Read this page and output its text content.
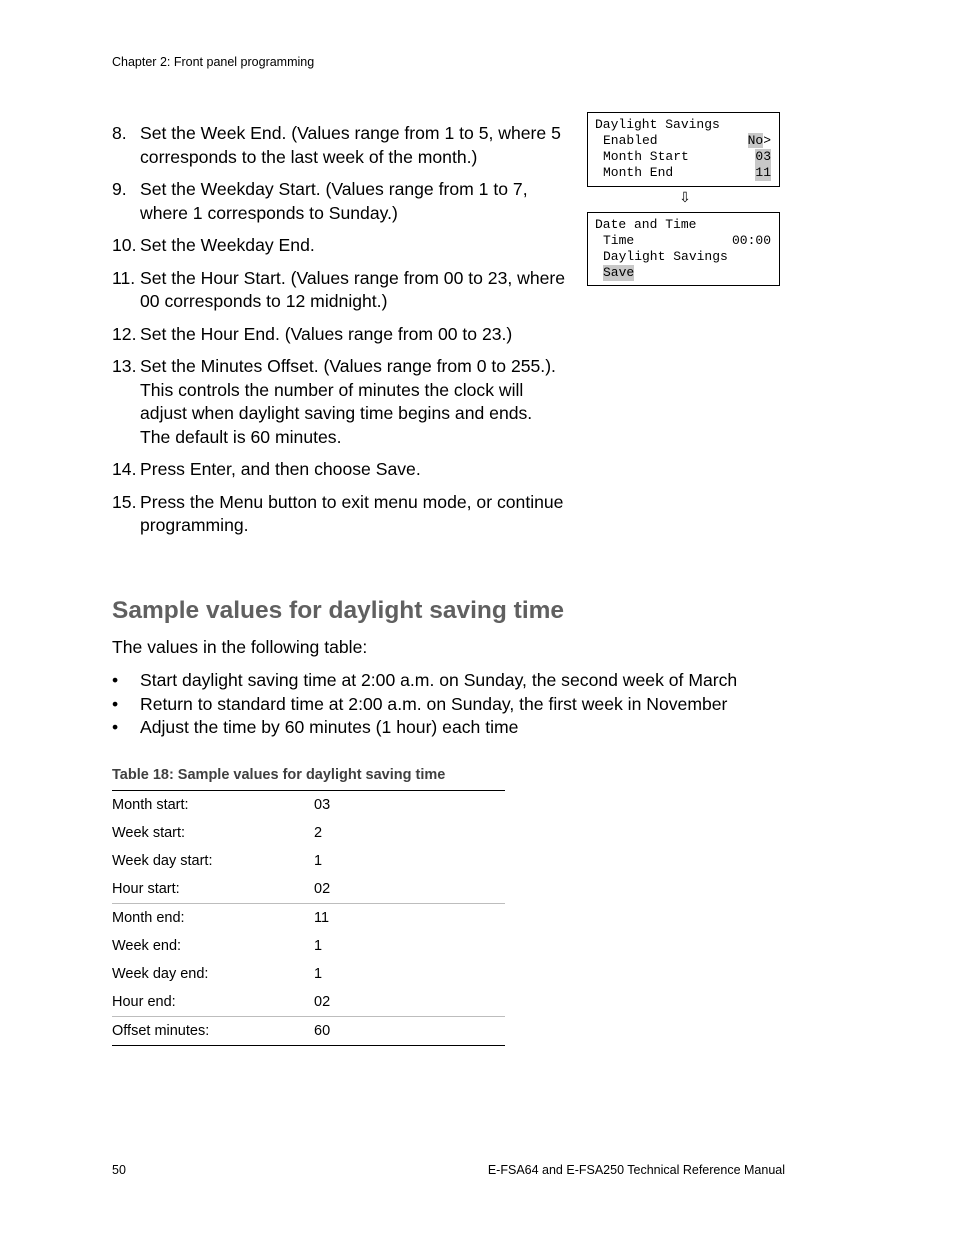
Chapter 2: Front panel programming
8. Set the Week End. (Values range from 1 to 5, where 5 corresponds to the last week of the month.)
9. Set the Weekday Start. (Values range from 1 to 7, where 1 corresponds to Sunday.)
10. Set the Weekday End.
11. Set the Hour Start. (Values range from 00 to 23, where 00 corresponds to 12 midnight.)
12. Set the Hour End. (Values range from 00 to 23.)
13. Set the Minutes Offset. (Values range from 0 to 255.). This controls the number of minutes the clock will adjust when daylight saving time begins and ends. The default is 60 minutes.
14. Press Enter, and then choose Save.
15. Press the Menu button to exit menu mode, or continue programming.
Daylight Savings
Enabled	No>
Month Start	03
Month End	11
⇩
Date and Time
Time	00:00
Daylight Savings
Save
Sample values for daylight saving time
The values in the following table:
• Start daylight saving time at 2:00 a.m. on Sunday, the second week of March
• Return to standard time at 2:00 a.m. on Sunday, the first week in November
• Adjust the time by 60 minutes (1 hour) each time
Table 18: Sample values for daylight saving time
Month start:	03
Week start:	2
Week day start:	1
Hour start:	02
Month end:	11
Week end:	1
Week day end:	1
Hour end:	02
Offset minutes:	60
50	E-FSA64 and E-FSA250 Technical Reference Manual
